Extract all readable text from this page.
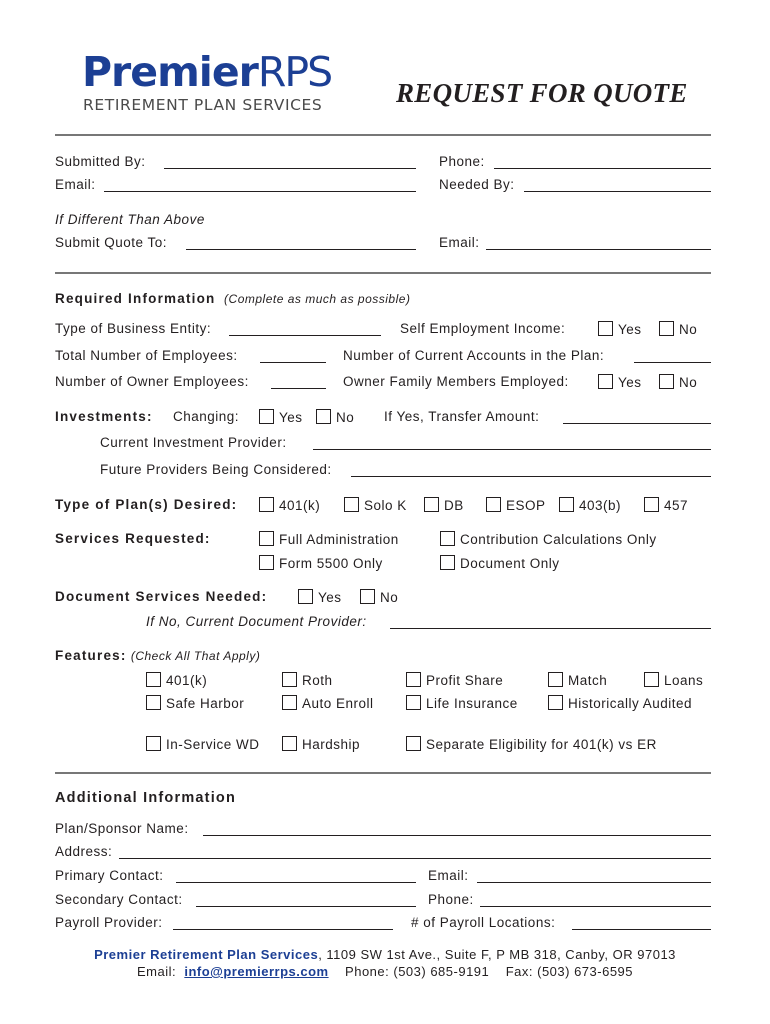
PremierRPS
RETIREMENT PLAN SERVICES	REQUEST FOR QUOTE
Submitted By:	Phone:
Email:	Needed By:
If Different Than Above
Submit Quote To:	Email:
Required Information (Complete as much as possible)
Type of Business Entity:	Self Employment Income:	Yes	No
Total Number of Employees:	Number of Current Accounts in the Plan:
Number of Owner Employees:	Owner Family Members Employed:	Yes	No
Investments: Changing:	Yes	No If Yes, Transfer Amount:
Current Investment Provider:
Future Providers Being Considered:
Type of Plan(s) Desired:	401(k)	Solo K	DB	ESOP	403(b)	457
Services Requested:	Full Administration	Contribution Calculations Only
Form 5500 Only	Document Only
Document Services Needed:	Yes	No
If No, Current Document Provider:
Features: (Check All That Apply)
401(k)	Roth	Profit Share	Match	Loans
Safe Harbor	Auto Enroll	Life Insurance	Historically Audited
In-Service WD	Hardship	Separate Eligibility for 401(k) vs ER
Additional Information
Plan/Sponsor Name:
Address:
Primary Contact:	Email:
Secondary Contact:	Phone:
Payroll Provider:	# of Payroll Locations:
Premier Retirement Plan Services, 1109 SW 1st Ave., Suite F, P MB 318, Canby, OR 97013
Email: info@premierrps.com Phone: (503) 685-9191 Fax: (503) 673-6595
